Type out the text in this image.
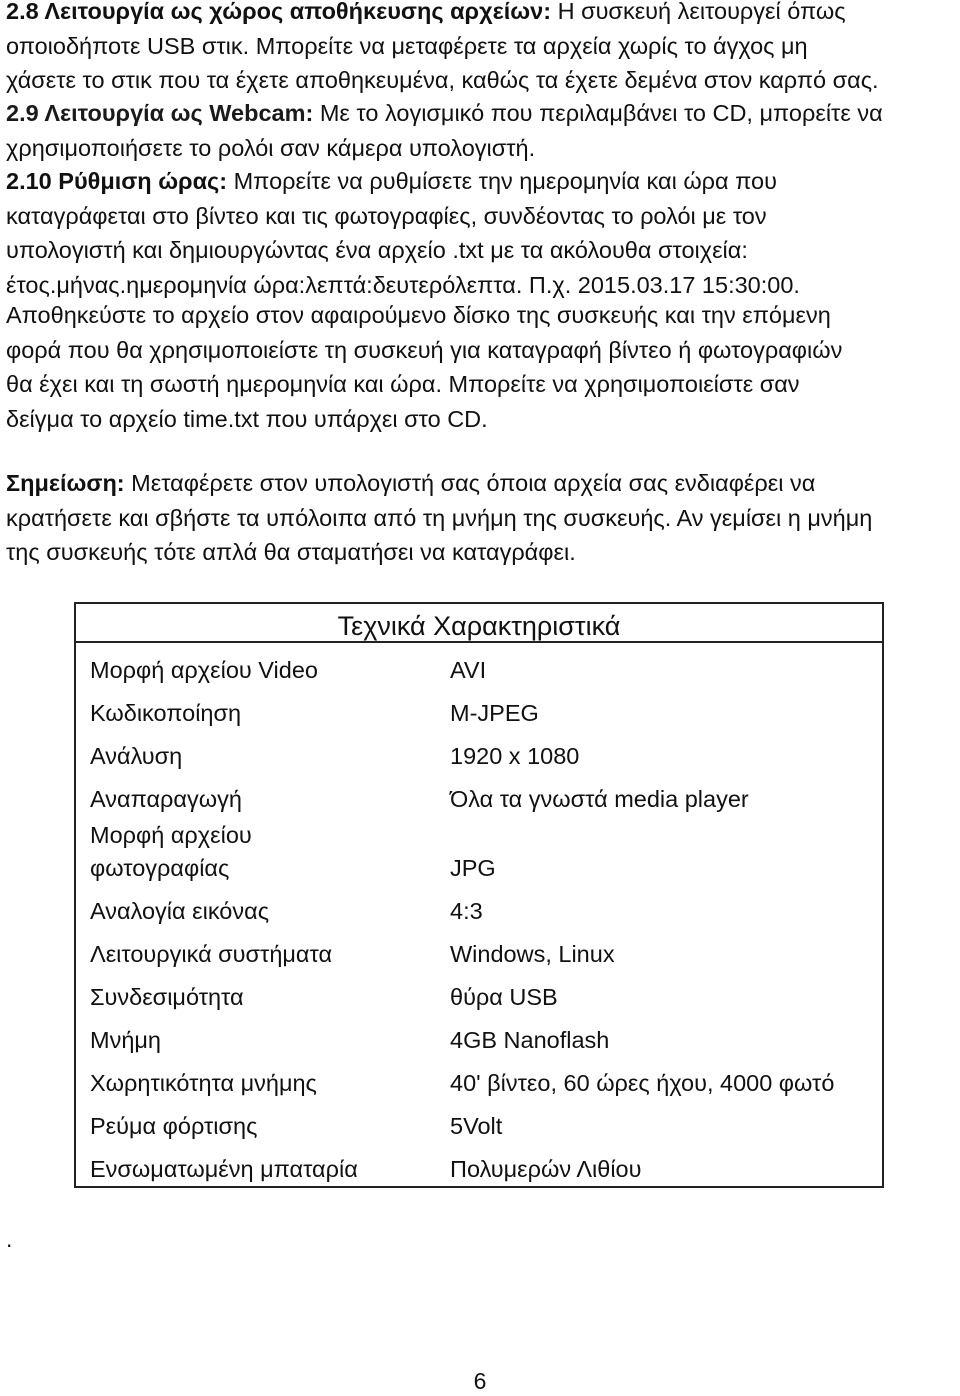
2.8 Λειτουργία ως χώρος αποθήκευσης αρχείων: Η συσκευή λειτουργεί όπως
οποιοδήποτε USB στικ. Μπορείτε να μεταφέρετε τα αρχεία χωρίς το άγχος μη
χάσετε το στικ που τα έχετε αποθηκευμένα, καθώς τα έχετε δεμένα στον καρπό σας.

2.9 Λειτουργία ως Webcam: Με το λογισμικό που περιλαμβάνει το CD, μπορείτε να
χρησιμοποιήσετε το ρολόι σαν κάμερα υπολογιστή.

2.10 Ρύθμιση ώρας: Μπορείτε να ρυθμίσετε την ημερομηνία και ώρα που
καταγράφεται στο βίντεο και τις φωτογραφίες, συνδέοντας το ρολόι με τον
υπολογιστή και δημιουργώντας ένα αρχείο .txt με τα ακόλουθα στοιχεία:
έτος.μήνας.ημερομηνία ώρα:λεπτά:δευτερόλεπτα. Π.χ. 2015.03.17 15:30:00.

Αποθηκεύστε το αρχείο στον αφαιρούμενο δίσκο της συσκευής και την επόμενη
φορά που θα χρησιμοποιείστε τη συσκευή για καταγραφή βίντεο ή φωτογραφιών
θα έχει και τη σωστή ημερομηνία και ώρα. Μπορείτε να χρησιμοποιείστε σαν
δείγμα το αρχείο time.txt που υπάρχει στο CD.

Σημείωση: Μεταφέρετε στον υπολογιστή σας όποια αρχεία σας ενδιαφέρει να
κρατήσετε και σβήστε τα υπόλοιπα από τη μνήμη της συσκευής. Αν γεμίσει η μνήμη
της συσκευής τότε απλά θα σταματήσει να καταγράφει.

Τεχνικά Χαρακτηριστικά
Μορφή αρχείου Video	AVI
Κωδικοποίηση	M-JPEG
Ανάλυση	1920 x 1080
Αναπαραγωγή	Όλα τα γνωστά media player
Μορφή αρχείου
φωτογραφίας	JPG
Αναλογία εικόνας	4:3
Λειτουργικά συστήματα	Windows, Linux
Συνδεσιμότητα	θύρα USB
Μνήμη	4GB Nanoflash
Χωρητικότητα μνήμης	40' βίντεο, 60 ώρες ήχου, 4000 φωτό
Ρεύμα φόρτισης	5Volt
Ενσωματωμένη μπαταρία	Πολυμερών Λιθίου
.
6
